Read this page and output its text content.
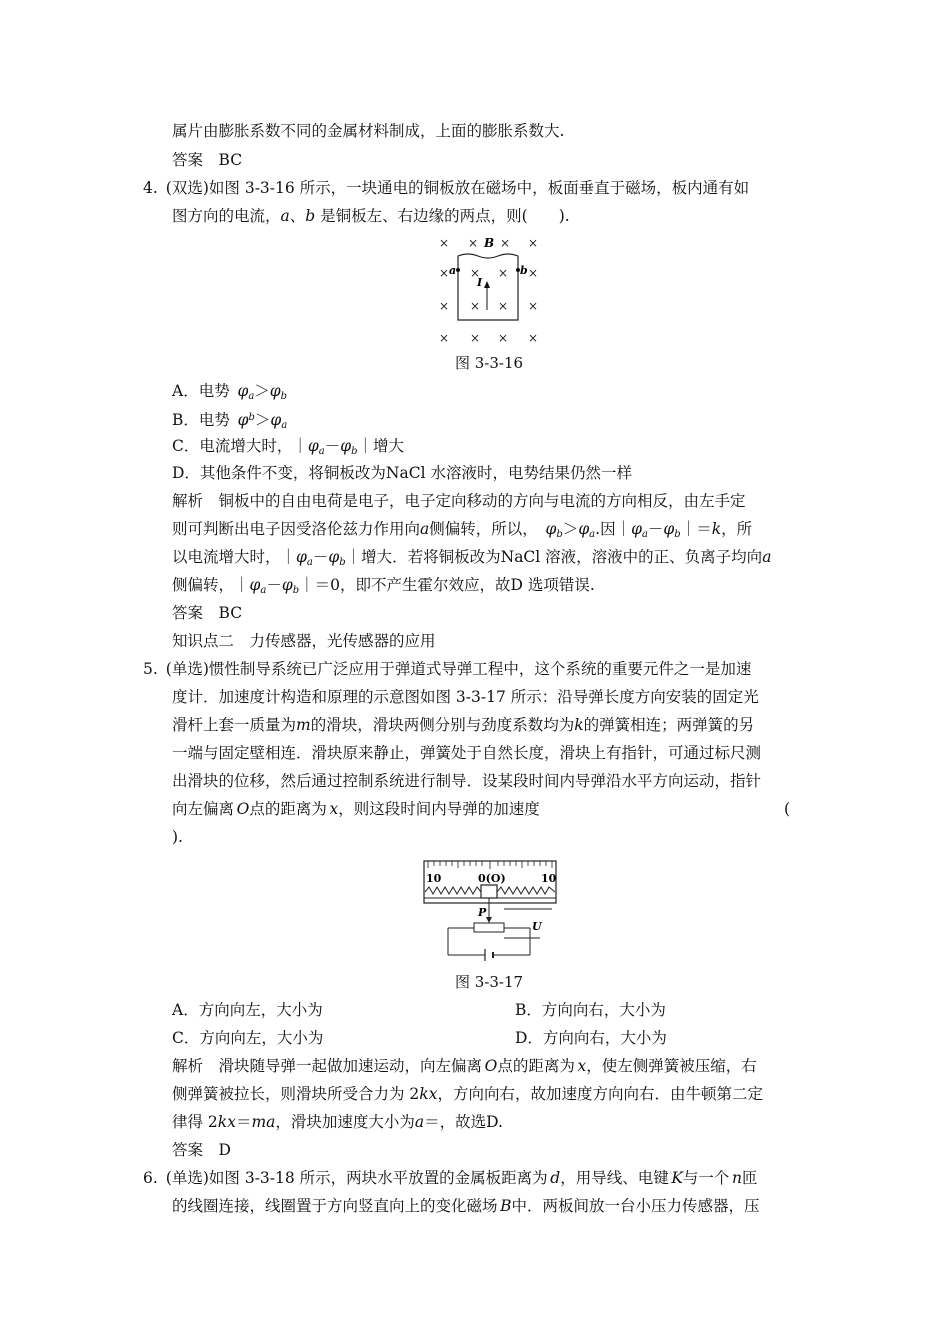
属片由膨胀系数不同的金属材料制成，上面的膨胀系数大.
答案　 BC
4. (双选)如图 3-3-16 所示，一块通电的铜板放在磁场中，板面垂直于磁场，板内通有如
图方向的电流，a、b 是铜板左、右边缘的两点，则(　　).
× × × ×
× × × ×
× × × ×
× × × ×
B
a	b
I
图 3-3-16
A．电势  $\varphi_a>\varphi_b$
B．电势  $\varphi^b>\varphi_a$
C．电流增大时，$|\varphi_a-\varphi_b|$增大
D．其他条件不变，将铜板改为NaCl 水溶液时，电势结果仍然一样
解析　 铜板中的自由电荷是电子，电子定向移动的方向与电流的方向相反，由左手定
则可判断出电子因受洛伦兹力作用向a侧偏转，所以，  $\varphi_b>\varphi_a$.因$|\varphi_a-\varphi_b|=k$，所
以电流增大时，$|\varphi_a-\varphi_b|$增大．若将铜板改为NaCl 溶液，溶液中的正、负离子均向a
侧偏转，$|\varphi_a-\varphi_b|=0$，即不产生霍尔效应，故D 选项错误.
答案　 BC
知识点二　力传感器，光传感器的应用
5. (单选)惯性制导系统已广泛应用于弹道式导弹工程中，这个系统的重要元件之一是加速
度计．加速度计构造和原理的示意图如图 3-3-17 所示：沿导弹长度方向安装的固定光
滑杆上套一质量为m的滑块，滑块两侧分别与劲度系数均为k的弹簧相连；两弹簧的另
一端与固定壁相连．滑块原来静止，弹簧处于自然长度，滑块上有指针，可通过标尺测
出滑块的位移，然后通过控制系统进行制导．设某段时间内导弹沿水平方向运动，指针
向左偏离  O点的距离为  x，则这段时间内导弹的加速度	(
).
10	0(O)	10
P
U
图 3-3-17
A．方向向左，大小为	B．方向向右，大小为
C．方向向左，大小为	D．方向向右，大小为
解析　 滑块随导弹一起做加速运动，向左偏离  O点的距离为  x，使左侧弹簧被压缩，右
侧弹簧被拉长，则滑块所受合力为 2kx，方向向右，故加速度方向向右．由牛顿第二定
律得 2kx＝ma，滑块加速度大小为a＝，故选D.
答案　 D
6. (单选)如图 3-3-18 所示，两块水平放置的金属板距离为  d，用导线、电键  K与一个  n匝
的线圈连接，线圈置于方向竖直向上的变化磁场  B中．两板间放一台小压力传感器，压
